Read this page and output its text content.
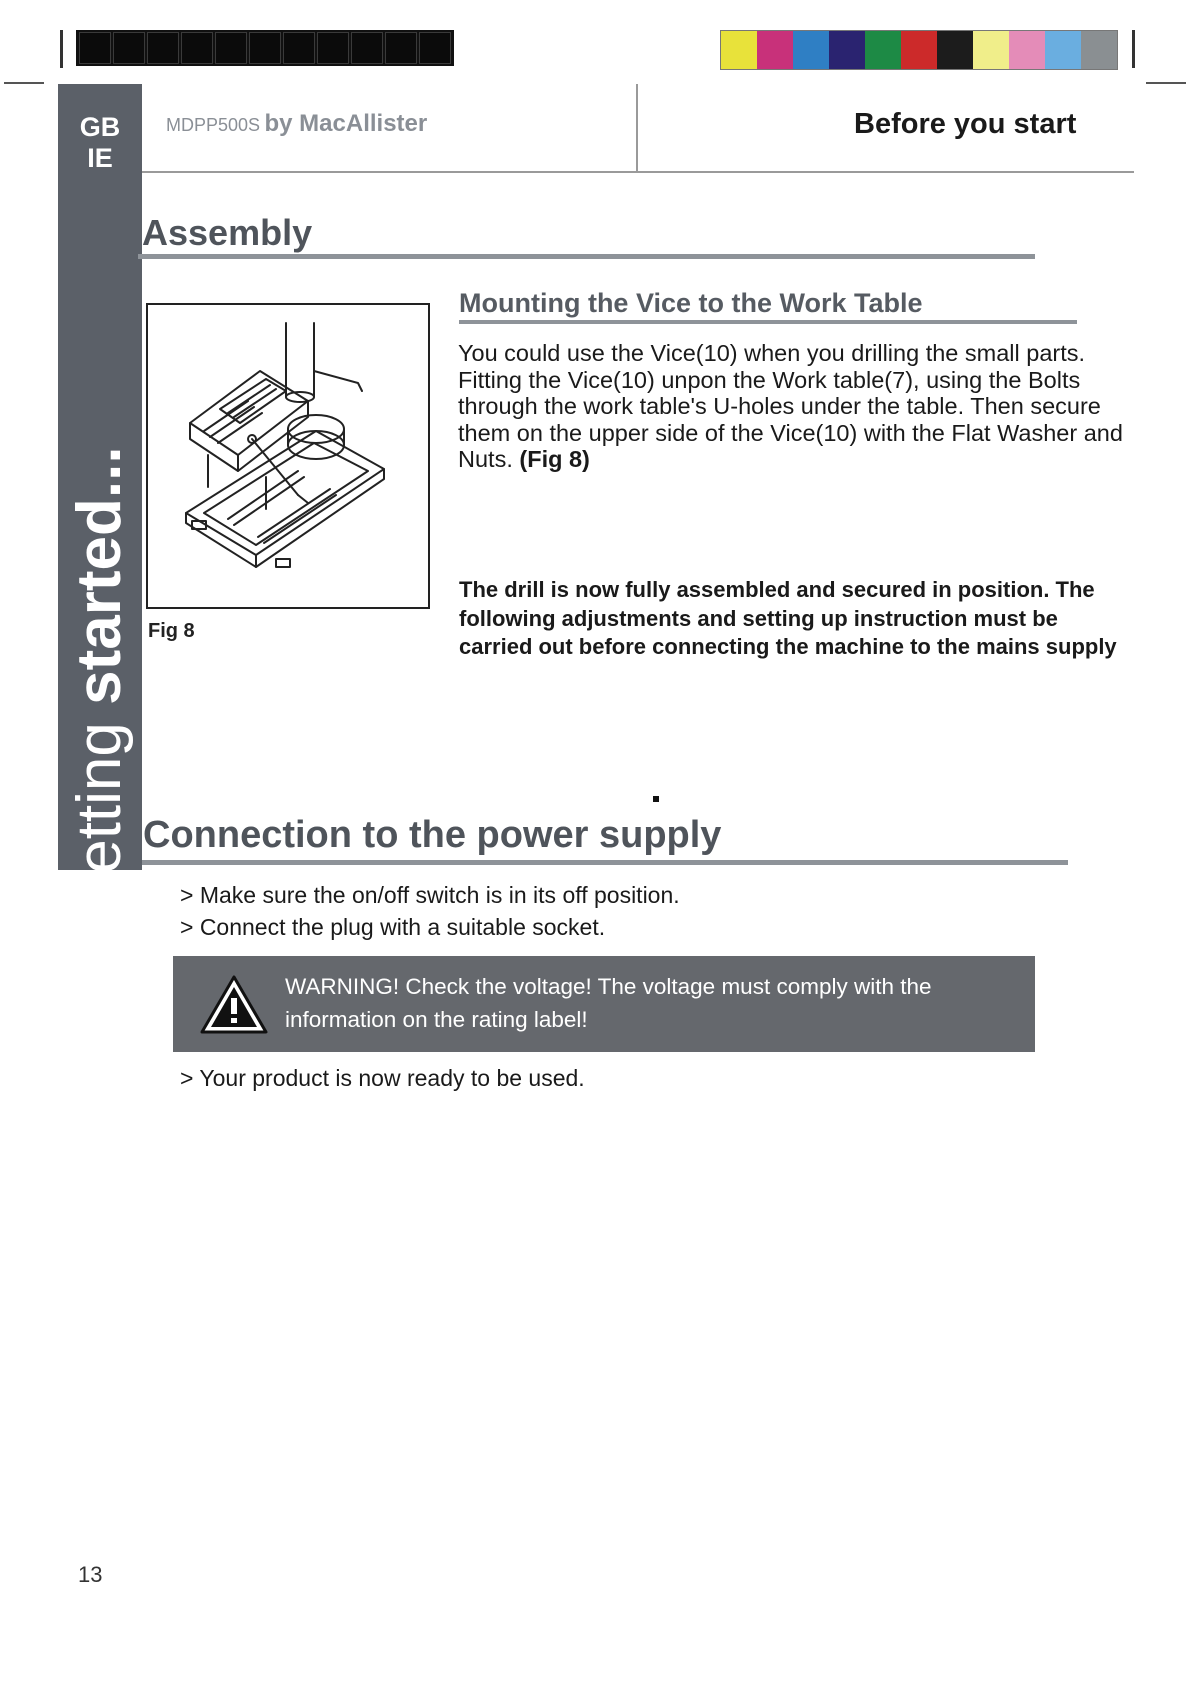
GB
IE
Getting started...
MDPP500S by MacAllister	Before you start
Assembly
Fig 8
Mounting the Vice to the Work Table
You could use the Vice(10) when you drilling the small parts. Fitting the Vice(10) unpon the Work table(7), using the Bolts through the work table's U-holes under the table. Then secure them on the upper side of the Vice(10) with the Flat Washer and Nuts. (Fig 8)
The drill is now fully assembled and secured in position. The following adjustments and setting up instruction must be carried out before connecting the machine to the mains supply
Connection to the power supply
> Make sure the on/off switch is in its off position.
> Connect the plug with a suitable socket.
WARNING! Check the voltage! The voltage must comply with the information on the rating label!
> Your product is now ready to be used.
13
